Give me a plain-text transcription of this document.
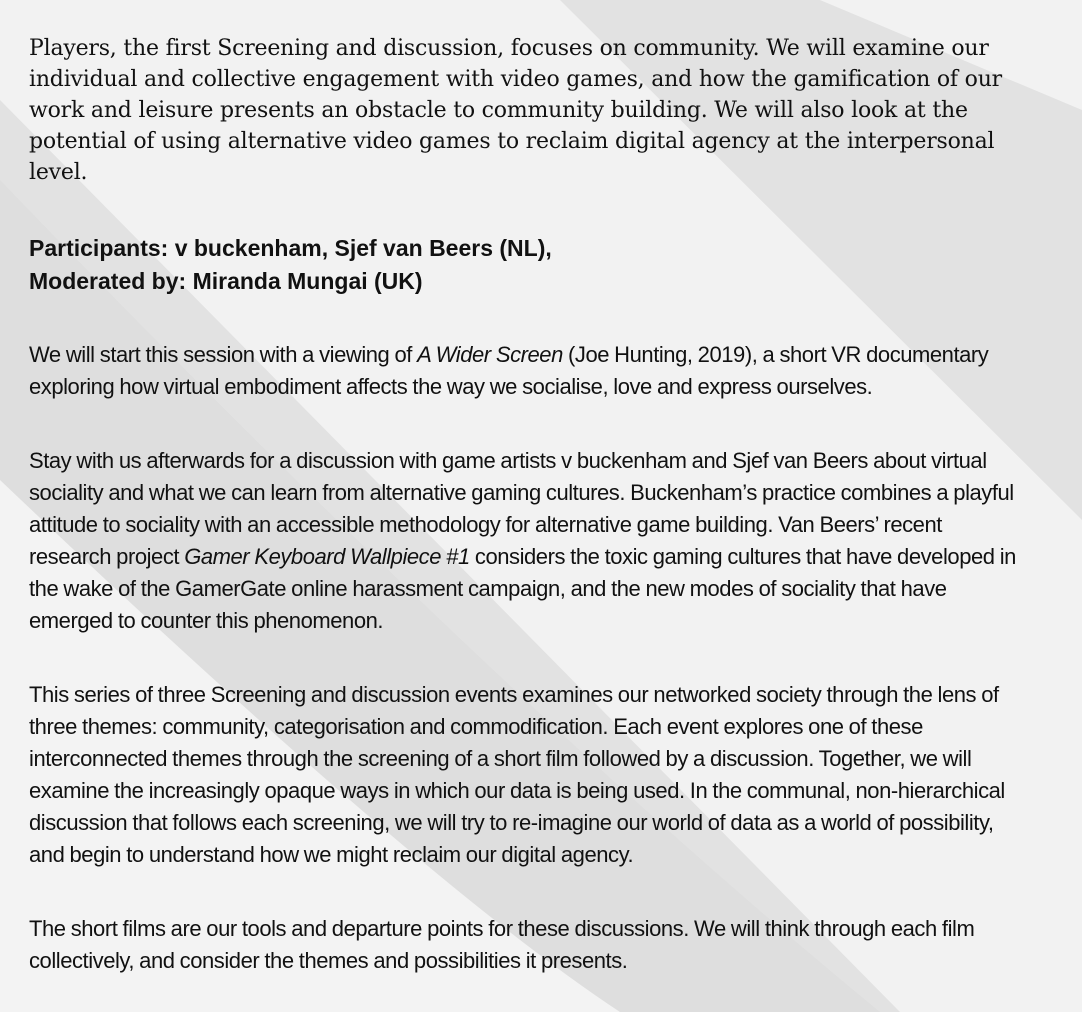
Players, the first Screening and discussion, focuses on community. We will examine our individual and collective engagement with video games, and how the gamification of our work and leisure presents an obstacle to community building. We will also look at the potential of using alternative video games to reclaim digital agency at the interpersonal level.

Participants: v buckenham, Sjef van Beers (NL),
Moderated by: Miranda Mungai (UK)

We will start this session with a viewing of A Wider Screen (Joe Hunting, 2019), a short VR documentary exploring how virtual embodiment affects the way we socialise, love and express ourselves.

Stay with us afterwards for a discussion with game artists v buckenham and Sjef van Beers about virtual sociality and what we can learn from alternative gaming cultures. Buckenham’s practice combines a playful attitude to sociality with an accessible methodology for alternative game building. Van Beers’ recent research project Gamer Keyboard Wallpiece #1 considers the toxic gaming cultures that have developed in the wake of the GamerGate online harassment campaign, and the new modes of sociality that have emerged to counter this phenomenon.

This series of three Screening and discussion events examines our networked society through the lens of three themes: community, categorisation and commodification. Each event explores one of these interconnected themes through the screening of a short film followed by a discussion. Together, we will examine the increasingly opaque ways in which our data is being used. In the communal, non-hierarchical discussion that follows each screening, we will try to re-imagine our world of data as a world of possibility, and begin to understand how we might reclaim our digital agency.

The short films are our tools and departure points for these discussions. We will think through each film collectively, and consider the themes and possibilities it presents.
